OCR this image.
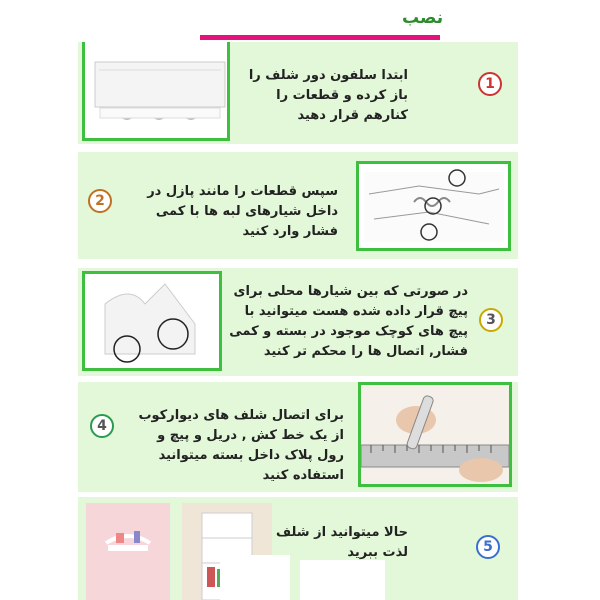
نصب
ابتدا سلفون دور شلف را باز کرده و قطعات را کنارهم قرار دهید
1
2
سپس قطعات را مانند پازل در داخل شیارهای لبه ها با کمی فشار وارد کنید
در صورتی که بین شیارها محلی برای پیچ قرار داده شده هست میتوانید با پیچ های کوچک موجود در بسته و کمی فشار, اتصال ها را محکم تر کنید
3
4
برای اتصال شلف های دیوارکوب از یک خط کش , دریل و پیچ و رول پلاک داخل بسته میتوانید استفاده کنید
حالا میتوانید از شلف لذت ببرید	5
